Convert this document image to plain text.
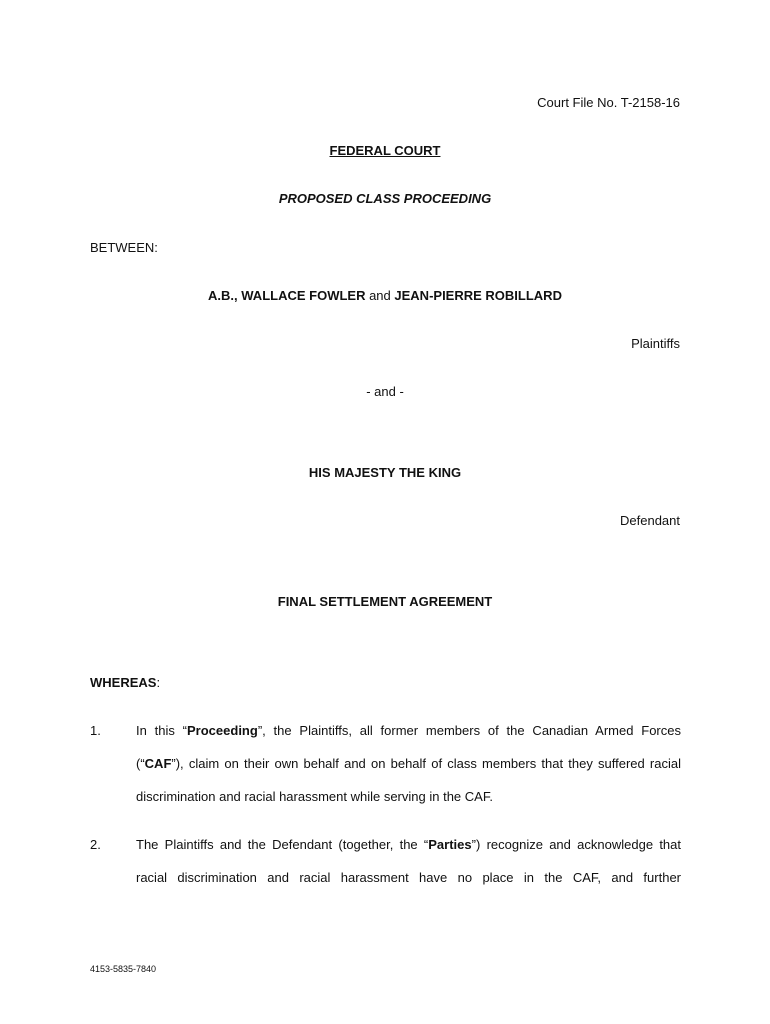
Court File No. T-2158-16
FEDERAL COURT
PROPOSED CLASS PROCEEDING
BETWEEN:
A.B., WALLACE FOWLER and JEAN-PIERRE ROBILLARD
Plaintiffs
- and -
HIS MAJESTY THE KING
Defendant
FINAL SETTLEMENT AGREEMENT
WHEREAS:
1.	In this “Proceeding”, the Plaintiffs, all former members of the Canadian Armed Forces
(“CAF”), claim on their own behalf and on behalf of class members that they suffered racial
discrimination and racial harassment while serving in the CAF.
2.	The Plaintiffs and the Defendant (together, the “Parties”) recognize and acknowledge that
racial discrimination and racial harassment have no place in the CAF, and further
4153-5835-7840
